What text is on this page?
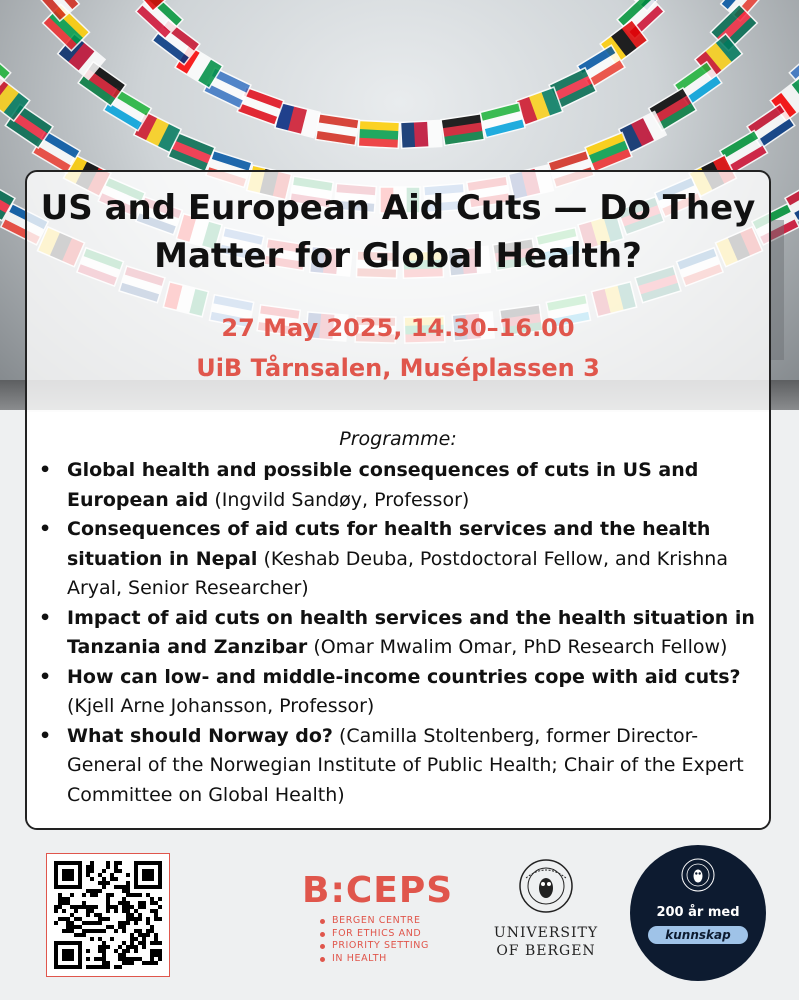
US and European Aid Cuts — Do They
Matter for Global Health?
27 May 2025, 14.30–16.00
UiB Tårnsalen, Muséplassen 3
Programme:
• Global health and possible consequences of cuts in US and European aid (Ingvild Sandøy, Professor)
• Consequences of aid cuts for health services and the health situation in Nepal (Keshab Deuba, Postdoctoral Fellow, and Krishna Aryal, Senior Researcher)
• Impact of aid cuts on health services and the health situation in Tanzania and Zanzibar (Omar Mwalim Omar, PhD Research Fellow)
• How can low- and middle-income countries cope with aid cuts? (Kjell Arne Johansson, Professor)
• What should Norway do? (Camilla Stoltenberg, former Director-General of the Norwegian Institute of Public Health; Chair of the Expert Committee on Global Health)
B:CEPS
BERGEN CENTRE
FOR ETHICS AND
PRIORITY SETTING
IN HEALTH
UNIVERSITY
OF BERGEN
200 år med
kunnskap
